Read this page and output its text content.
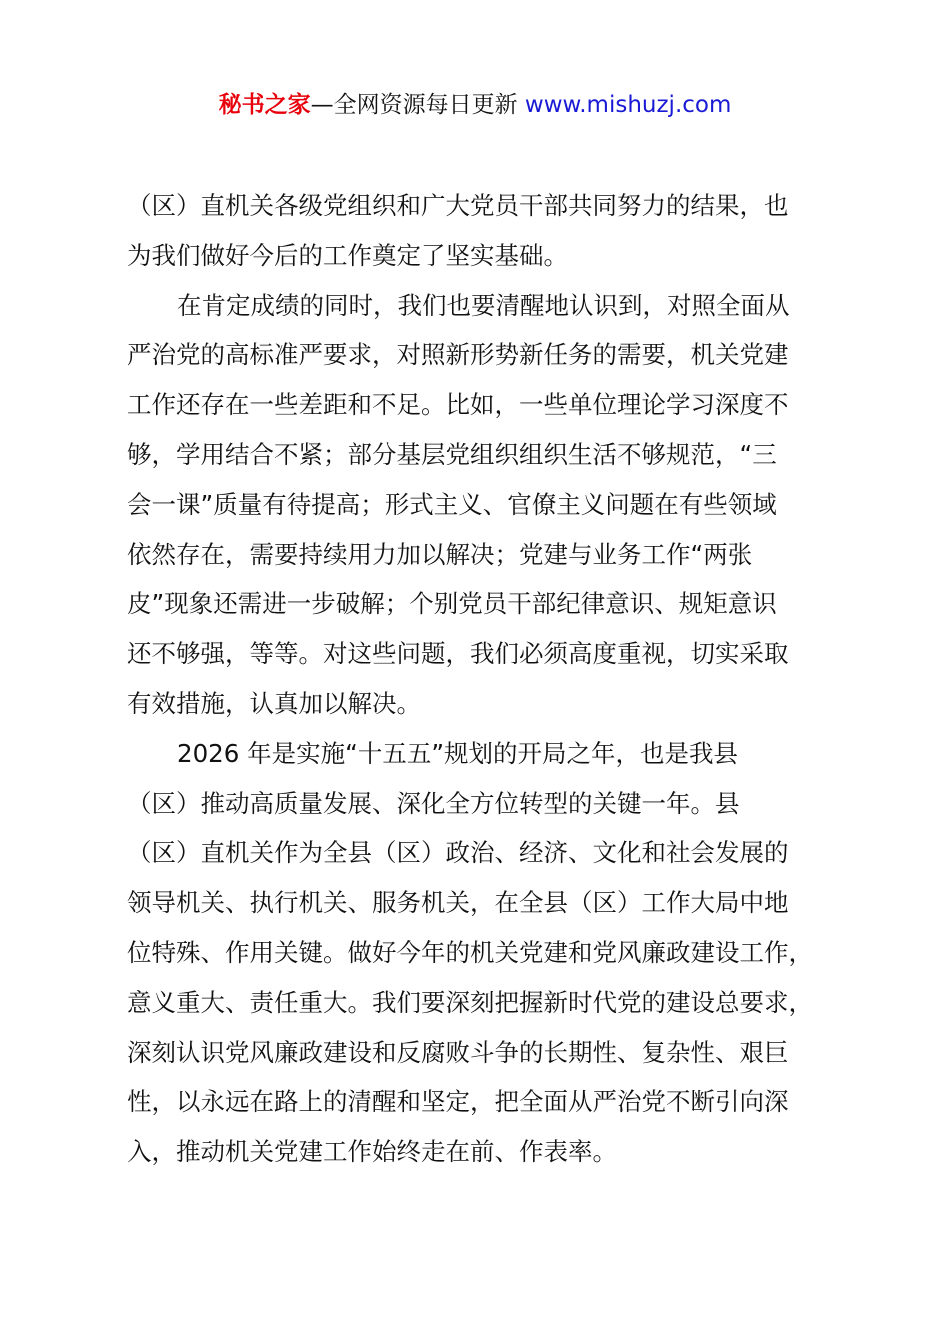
秘书之家—全网资源每日更新 www.mishuzj.com
（区）直机关各级党组织和广大党员干部共同努力的结果，也
为我们做好今后的工作奠定了坚实基础。
在肯定成绩的同时，我们也要清醒地认识到，对照全面从
严治党的高标准严要求，对照新形势新任务的需要，机关党建
工作还存在一些差距和不足。比如，一些单位理论学习深度不
够，学用结合不紧；部分基层党组织组织生活不够规范，“三
会一课”质量有待提高；形式主义、官僚主义问题在有些领域
依然存在，需要持续用力加以解决；党建与业务工作“两张
皮”现象还需进一步破解；个别党员干部纪律意识、规矩意识
还不够强，等等。对这些问题，我们必须高度重视，切实采取
有效措施，认真加以解决。
2026 年是实施“十五五”规划的开局之年，也是我县
（区）推动高质量发展、深化全方位转型的关键一年。县
（区）直机关作为全县（区）政治、经济、文化和社会发展的
领导机关、执行机关、服务机关，在全县（区）工作大局中地
位特殊、作用关键。做好今年的机关党建和党风廉政建设工作，
意义重大、责任重大。我们要深刻把握新时代党的建设总要求，
深刻认识党风廉政建设和反腐败斗争的长期性、复杂性、艰巨
性，以永远在路上的清醒和坚定，把全面从严治党不断引向深
入，推动机关党建工作始终走在前、作表率。
